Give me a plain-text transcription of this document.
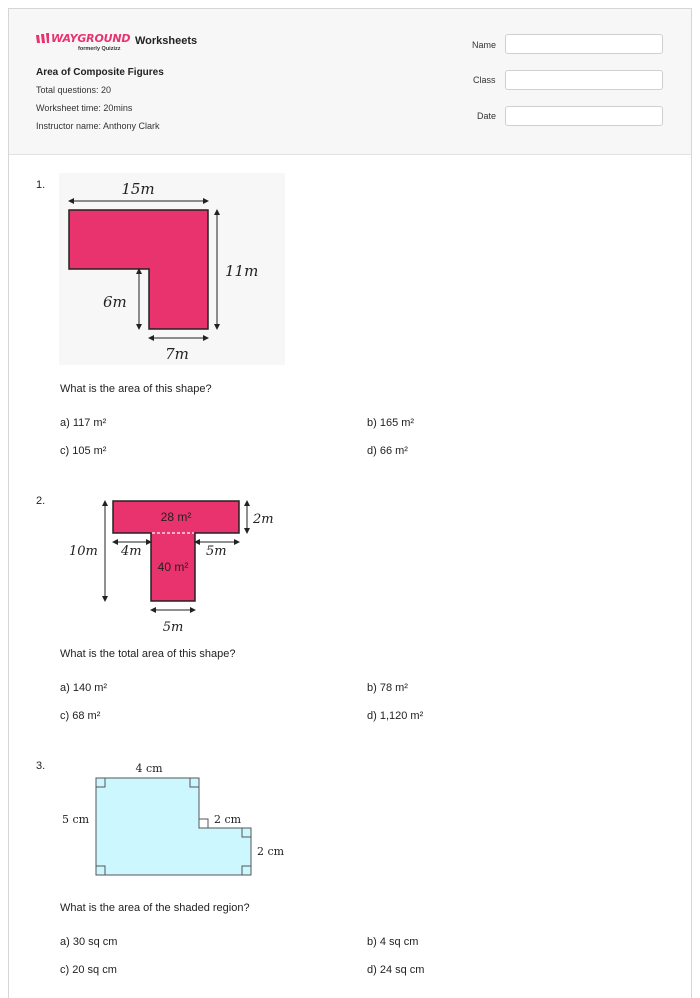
WAYGROUND
formerly Quizizz
Worksheets
Area of Composite Figures
Total questions: 20
Worksheet time: 20mins
Instructor name: Anthony Clark
Name
Class
Date
1.	15m
11m
6m
7m
What is the area of this shape?
a) 117 m²	b) 165 m²
c) 105 m²	d) 66 m²
2.
28 m²	2m
10m 4m	5m
40 m²
5m
What is the total area of this shape?
a) 140 m²	b) 78 m²
c) 68 m²	d) 1,120 m²
3.	4 cm
5 cm	2 cm
2 cm
What is the area of the shaded region?
a) 30 sq cm	b) 4 sq cm
c) 20 sq cm	d) 24 sq cm
